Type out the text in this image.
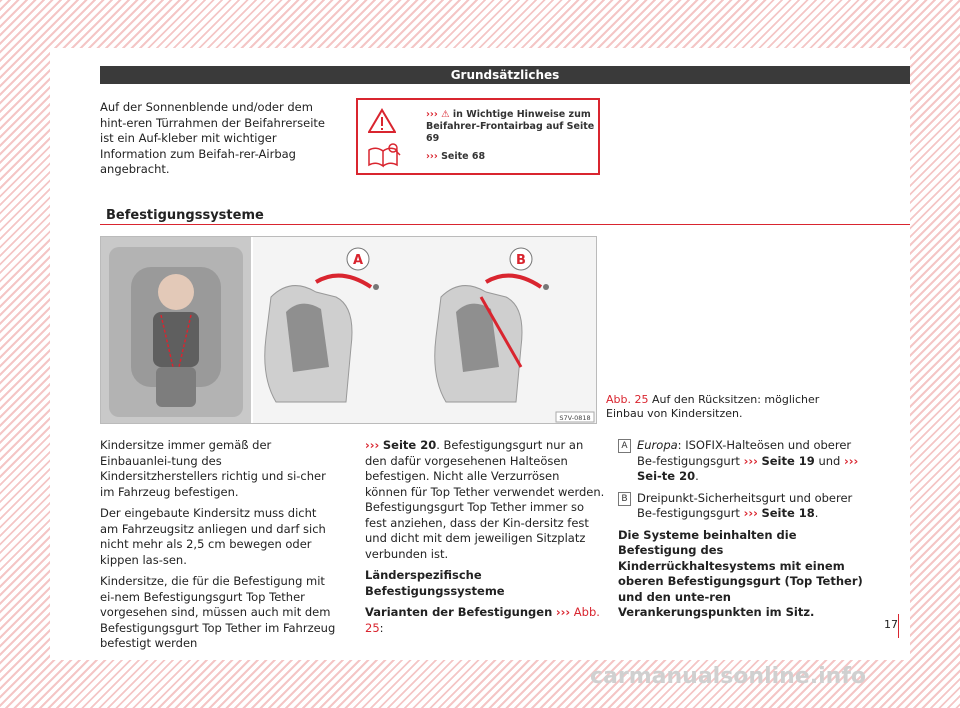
Grundsätzliches
Auf der Sonnenblende und/oder dem hint-eren Türrahmen der Beifahrerseite ist ein Auf-kleber mit wichtiger Information zum Beifah-rer-Airbag angebracht.
››› ⚠ in Wichtige Hinweise zum Beifahrer-Frontairbag auf Seite 69
››› Seite 68
Befestigungssysteme
A	B
S7V-0818
Abb. 25 Auf den Rücksitzen: möglicher Einbau von Kindersitzen.

Kindersitze immer gemäß der Einbauanlei-tung des Kindersitzherstellers richtig und si-cher im Fahrzeug befestigen.

Der eingebaute Kindersitz muss dicht am Fahrzeugsitz anliegen und darf sich nicht mehr als 2,5 cm bewegen oder kippen las-sen.

Kindersitze, die für die Befestigung mit ei-nem Befestigungsgurt Top Tether vorgesehen sind, müssen auch mit dem Befestigungsgurt Top Tether im Fahrzeug befestigt werden

››› Seite 20. Befestigungsgurt nur an den dafür vorgesehenen Halteösen befestigen. Nicht alle Verzurrösen können für Top Tether verwendet werden. Befestigungsgurt Top Tether immer so fest anziehen, dass der Kin-dersitz fest und dicht mit dem jeweiligen Sitzplatz verbunden ist.

Länderspezifische Befestigungssysteme

Varianten der Befestigungen ››› Abb. 25:

A Europa: ISOFIX-Halteösen und oberer Be-festigungsgurt ››› Seite 19 und ››› Sei-te 20.
B Dreipunkt-Sicherheitsgurt und oberer Be-festigungsgurt ››› Seite 18.

Die Systeme beinhalten die Befestigung des Kinderrückhaltesystems mit einem oberen Befestigungsgurt (Top Tether) und den unte-ren Verankerungspunkten im Sitz.

17
carmanualsonline.info
